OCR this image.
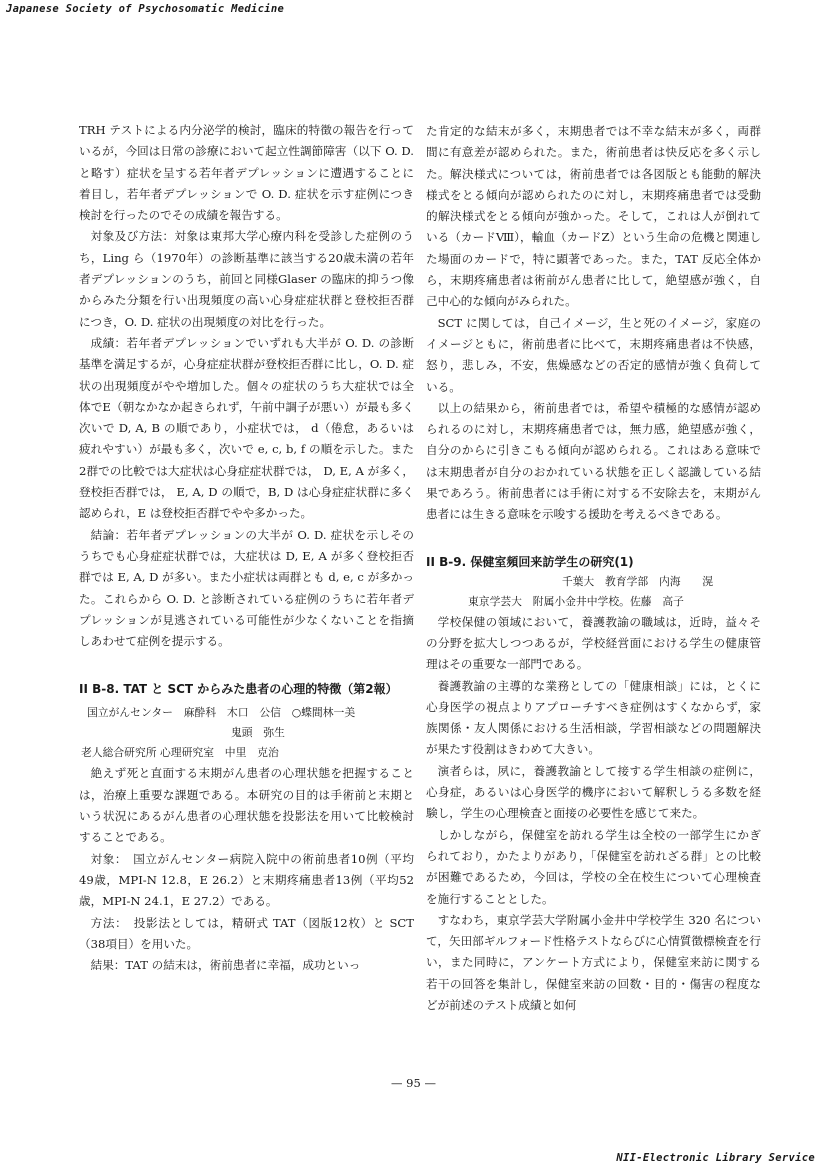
Japanese Society of Psychosomatic Medicine

TRH テストによる内分泌学的検討，臨床的特徴の報告を行っているが，今回は日常の診療において起立性調節障害（以下 O. D. と略す）症状を呈する若年者デプレッションに遭遇することに着目し，若年者デプレッションで O. D. 症状を示す症例につき検討を行ったのでその成績を報告する。

対象及び方法：対象は東邦大学心療内科を受診した症例のうち，Ling ら（1970年）の診断基準に該当する20歳未満の若年者デプレッションのうち，前回と同様Glaser の臨床的抑うつ像からみた分類を行い出現頻度の高い心身症症状群と登校拒否群につき，O. D. 症状の出現頻度の対比を行った。

成績：若年者デプレッションでいずれも大半が O. D. の診断基準を満足するが，心身症症状群が登校拒否群に比し，O. D. 症状の出現頻度がやや増加した。個々の症状のうち大症状では全体でE（朝なかなか起きられず，午前中調子が悪い）が最も多く次いで D, A, B の順であり，小症状では， d（倦怠，あるいは疲れやすい）が最も多く，次いで e, c, b, f の順を示した。また2群での比較では大症状は心身症症状群では， D, E, A が多く，登校拒否群では， E, A, D の順で，B, D は心身症症状群に多く認められ，E は登校拒否群でやや多かった。

結論：若年者デプレッションの大半が O. D. 症状を示しそのうちでも心身症症状群では，大症状は D, E, A が多く登校拒否群では E, A, D が多い。また小症状は両群とも d, e, c が多かった。これらから O. D. と診断されている症例のうちに若年者デプレッションが見逃されている可能性が少なくないことを指摘しあわせて症例を提示する。

II B-8. TAT と SCT からみた患者の心理的特徴（第2報）

国立がんセンター　麻酔科　木口　公信　○蝶間林一美

鬼頭　弥生

老人総合研究所 心理研究室　中里　克治

絶えず死と直面する末期がん患者の心理状態を把握することは，治療上重要な課題である。本研究の目的は手術前と末期という状況にあるがん患者の心理状態を投影法を用いて比較検討することである。

対象：　国立がんセンター病院入院中の術前患者10例（平均49歳，MPI-N 12.8，E 26.2）と末期疼痛患者13例（平均52歳，MPI-N 24.1，E 27.2）である。

方法：　投影法としては，精研式 TAT（図版12枚）と SCT（38項目）を用いた。

結果：TAT の結末は，術前患者に幸福，成功といっ

た肯定的な結末が多く，末期患者では不幸な結末が多く，両群間に有意差が認められた。また，術前患者は快反応を多く示した。解決様式については，術前患者では各図版とも能動的解決様式をとる傾向が認められたのに対し，末期疼痛患者では受動的解決様式をとる傾向が強かった。そして，これは人が倒れている（カードⅧ），輸血（カードZ）という生命の危機と関連した場面のカードで，特に顕著であった。また，TAT 反応全体から，末期疼痛患者は術前がん患者に比して，絶望感が強く，自己中心的な傾向がみられた。

SCT に関しては，自己イメージ，生と死のイメージ，家庭のイメージともに，術前患者に比べて，末期疼痛患者は不快感，怒り，悲しみ，不安，焦燥感などの否定的感情が強く負荷している。

以上の結果から，術前患者では，希望や積極的な感情が認められるのに対し，末期疼痛患者では，無力感，絶望感が強く，自分のからに引きこもる傾向が認められる。これはある意味では末期患者が自分のおかれている状態を正しく認識している結果であろう。術前患者には手術に対する不安除去を，末期がん患者には生きる意味を示唆する援助を考えるべきである。

II B-9. 保健室頻回来訪学生の研究(1)

千葉大　教育学部　内海　　滉

東京学芸大　附属小金井中学校。佐藤　高子

学校保健の領域において，養護教諭の職域は，近時，益々その分野を拡大しつつあるが，学校経営面における学生の健康管理はその重要な一部門である。

養護教諭の主導的な業務としての「健康相談」には，とくに心身医学の視点よりアプローチすべき症例はすくなからず，家族関係・友人関係における生活相談，学習相談などの問題解決が果たす役割はきわめて大きい。

演者らは，夙に，養護教諭として接する学生相談の症例に，心身症，あるいは心身医学的機序において解釈しうる多数を経験し，学生の心理検査と面接の必要性を感じて来た。

しかしながら，保健室を訪れる学生は全校の一部学生にかぎられており，かたよりがあり，「保健室を訪れざる群」との比較が困難であるため，今回は，学校の全在校生について心理検査を施行することとした。

すなわち，東京学芸大学附属小金井中学校学生 320 名について，矢田部ギルフォード性格テストならびに心情質徴標検査を行い，また同時に，アンケート方式により，保健室来訪に関する若干の回答を集計し，保健室来訪の回数・目的・傷害の程度などが前述のテスト成績と如何

— 95 —
NII-Electronic Library Service
